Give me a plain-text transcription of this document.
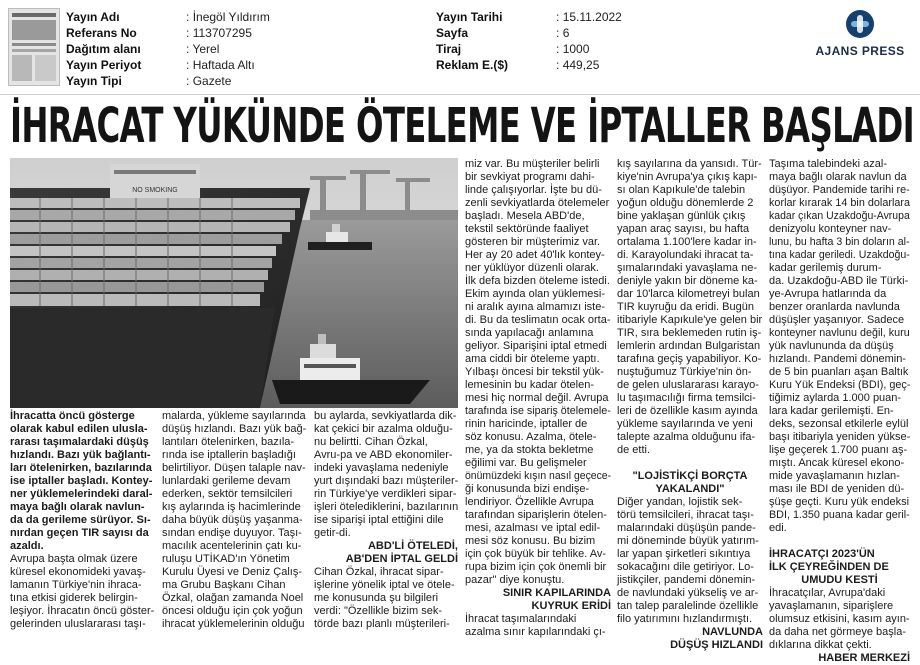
Yayın Adı	: İnegöl Yıldırım
Referans No	: 113707295
Dağıtım alanı	: Yerel
Yayın Periyot	: Haftada Altı
Yayın Tipi	: Gazete
Yayın Tarihi	: 15.11.2022
Sayfa	: 6
Tiraj	: 1000
Reklam E.($)	: 449,25
AJANS PRESS
İHRACAT YÜKÜNDE ÖTELEME VE İPTALLER BAŞLADI
NO SMOKING
İhracatta öncü gösterge
olarak kabul edilen ulusla-
rarası taşımalardaki düşüş
hızlandı. Bazı yük bağlantı-
ları ötelenirken, bazılarında
ise iptaller başladı. Kontey-
ner yüklemelerindeki daral-
maya bağlı olarak navlun-
da da gerileme sürüyor. Sı-
nırdan geçen TIR sayısı da
azaldı.
Avrupa başta olmak üzere
küresel ekonomideki yavaş-
lamanın Türkiye'nin ihraca-
tına etkisi giderek belirgin-
leşiyor. İhracatın öncü göster-
gelerinden uluslararası taşı-
malarda, yükleme sayılarında
düşüş hızlandı. Bazı yük bağ-
lantıları ötelenirken, bazıla-
rında ise iptallerin başladığı
belirtiliyor. Düşen talaple nav-
lunlardaki gerileme devam
ederken, sektör temsilcileri
kış aylarında iş hacimlerinde
daha büyük düşüş yaşanma-
sından endişe duyuyor. Taşı-
macılık acentelerinin çatı ku-
ruluşu UTİKAD'ın Yönetim
Kurulu Üyesi ve Deniz Çalış-
ma Grubu Başkanı Cihan
Özkal, olağan zamanda Noel
öncesi olduğu için çok yoğun
ihracat yüklemelerinin olduğu
bu aylarda, sevkiyatlarda dik-
kat çekici bir azalma olduğu-
nu belirtti. Cihan Özkal,
Avru-pa ve ABD ekonomiler-
indeki yavaşlama nedeniyle
yurt dışındaki bazı müşteriler-
rin Türkiye'ye verdikleri sipar-
işleri ötelediklerini, bazılarının
ise siparişi iptal ettiğini dile
getir-di.
ABD'Lİ ÖTELEDİ,
AB'DEN İPTAL GELDİ
Cihan Özkal, ihracat sipar-
işlerine yönelik iptal ve ötele-
me konusunda şu bilgileri
verdi: "Özellikle bizim sek-
törde bazı planlı müşterileri-
miz var. Bu müşteriler belirli
bir sevkiyat programı dahi-
linde çalışıyorlar. İşte bu dü-
zenli sevkiyatlarda ötelemeler
başladı. Mesela ABD'de,
tekstil sektöründe faaliyet
gösteren bir müşterimiz var.
Her ay 20 adet 40'lık kontey-
ner yüklüyor düzenli olarak.
İlk defa bizden öteleme istedi.
Ekim ayında olan yüklemesi-
ni aralık ayına almamızı iste-
di. Bu da teslimatın ocak orta-
sında yapılacağı anlamına
geliyor. Siparişini iptal etmedi
ama ciddi bir öteleme yaptı.
Yılbaşı öncesi bir tekstil yük-
lemesinin bu kadar ötelen-
mesi hiç normal değil. Avrupa
tarafında ise sipariş ötelemele-
rinin haricinde, iptaller de
söz konusu. Azalma, ötele-
me, ya da stokta bekletme
eğilimi var. Bu gelişmeler
önümüzdeki kışın nasıl geçece-
ği konusunda bizi endişe-
lendiriyor. Özellikle Avrupa
tarafından siparişlerin ötelen-
mesi, azalması ve iptal edil-
mesi söz konusu. Bu bizim
için çok büyük bir tehlike. Av-
rupa bizim için çok önemli bir
pazar" diye konuştu.
SINIR KAPILARINDA
KUYRUK ERİDİ
İhracat taşımalarındaki
azalma sınır kapılarındaki çı-
kış sayılarına da yansıdı. Tür-
kiye'nin Avrupa'ya çıkış kapı-
sı olan Kapıkule'de talebin
yoğun olduğu dönemlerde 2
bine yaklaşan günlük çıkış
yapan araç sayısı, bu hafta
ortalama 1.100'lere kadar in-
di. Karayolundaki ihracat ta-
şımalarındaki yavaşlama ne-
deniyle yakın bir döneme ka-
dar 10'larca kilometreyi bulan
TIR kuyruğu da eridi. Bugün
itibariyle Kapıkule'ye gelen bir
TIR, sıra beklemeden rutin iş-
lemlerin ardından Bulgaristan
tarafına geçiş yapabiliyor. Ko-
nuştuğumuz Türkiye'nin ön-
de gelen uluslararası karayo-
lu taşımacılığı firma temsilci-
leri de özellikle kasım ayında
yükleme sayılarında ve yeni
talepte azalma olduğunu ifa-
de etti.
"LOJİSTİKÇİ BORÇTA
YAKALANDI"
Diğer yandan, lojistik sek-
törü temsilcileri, ihracat taşı-
malarındaki düşüşün pande-
mi döneminde büyük yatırım-
lar yapan şirketleri sıkıntıya
sokacağını dile getiriyor. Lo-
jistikçiler, pandemi dönemin-
de navlundaki yükseliş ve ar-
tan talep paralelinde özellikle
filo yatırımını hızlandırmıştı.
NAVLUNDA
DÜŞÜŞ HIZLANDI
Taşıma talebindeki azal-
maya bağlı olarak navlun da
düşüyor. Pandemide tarihi re-
korlar kırarak 14 bin dolarlara
kadar çıkan Uzakdoğu-Avrupa
denizyolu konteyner nav-
lunu, bu hafta 3 bin doların al-
tına kadar geriledi. Uzakdoğu-
kadar gerilemiş durum-
da. Uzakdoğu-ABD ile Türki-
ye-Avrupa hatlarında da
benzer oranlarda navlunda
düşüşler yaşanıyor. Sadece
konteyner navlunu değil, kuru
yük navlununda da düşüş
hızlandı. Pandemi dönemin-
de 5 bin puanları aşan Baltık
Kuru Yük Endeksi (BDI), geç-
tiğimiz aylarda 1.000 puan-
lara kadar gerilemişti. En-
deks, sezonsal etkilerle eylül
başı itibariyla yeniden yükse-
lişe geçerek 1.700 puanı aş-
mıştı. Ancak küresel ekono-
mide yavaşlamanın hızlan-
ması ile BDI de yeniden dü-
şüşe geçti. Kuru yük endeksi
BDI, 1.350 puana kadar geril-
edi.
İHRACATÇI 2023'ÜN
İLK ÇEYREĞİNDEN DE
UMUDU KESTİ
İhracatçılar, Avrupa'daki
yavaşlamanın, siparişlere
olumsuz etkisini, kasım ayın-
da daha net görmeye başla-
dıklarına dikkat çekti.
HABER MERKEZİ
